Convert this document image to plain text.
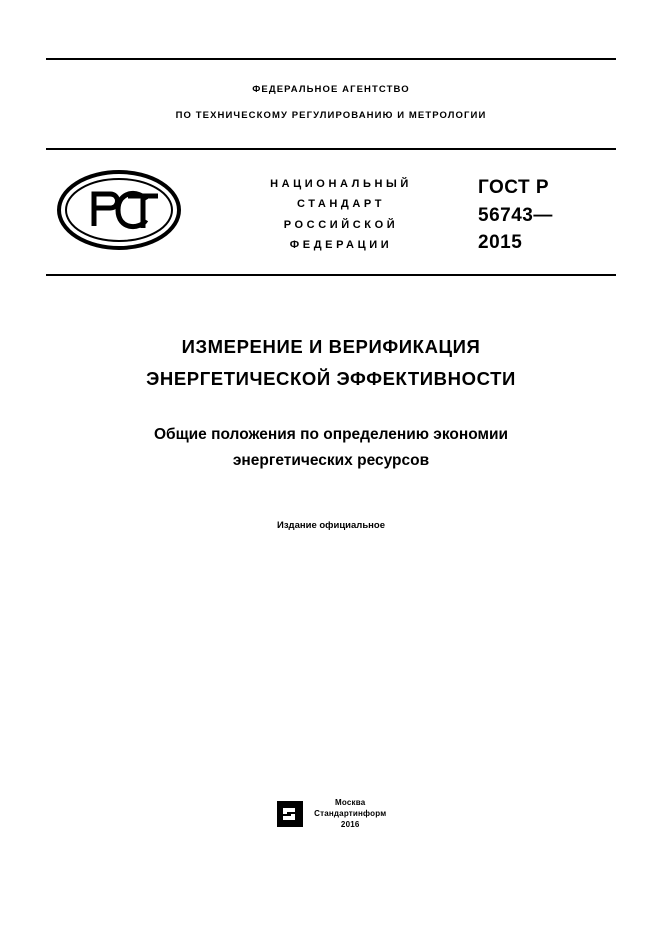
ФЕДЕРАЛЬНОЕ АГЕНТСТВО
ПО ТЕХНИЧЕСКОМУ РЕГУЛИРОВАНИЮ И МЕТРОЛОГИИ
НАЦИОНАЛЬНЫЙ
СТАНДАРТ
РОССИЙСКОЙ
ФЕДЕРАЦИИ
ГОСТ Р
56743—
2015
ИЗМЕРЕНИЕ И ВЕРИФИКАЦИЯ
ЭНЕРГЕТИЧЕСКОЙ ЭФФЕКТИВНОСТИ
Общие положения по определению экономии
энергетических ресурсов
Издание официальное

Москва
Стандартинформ
2016
